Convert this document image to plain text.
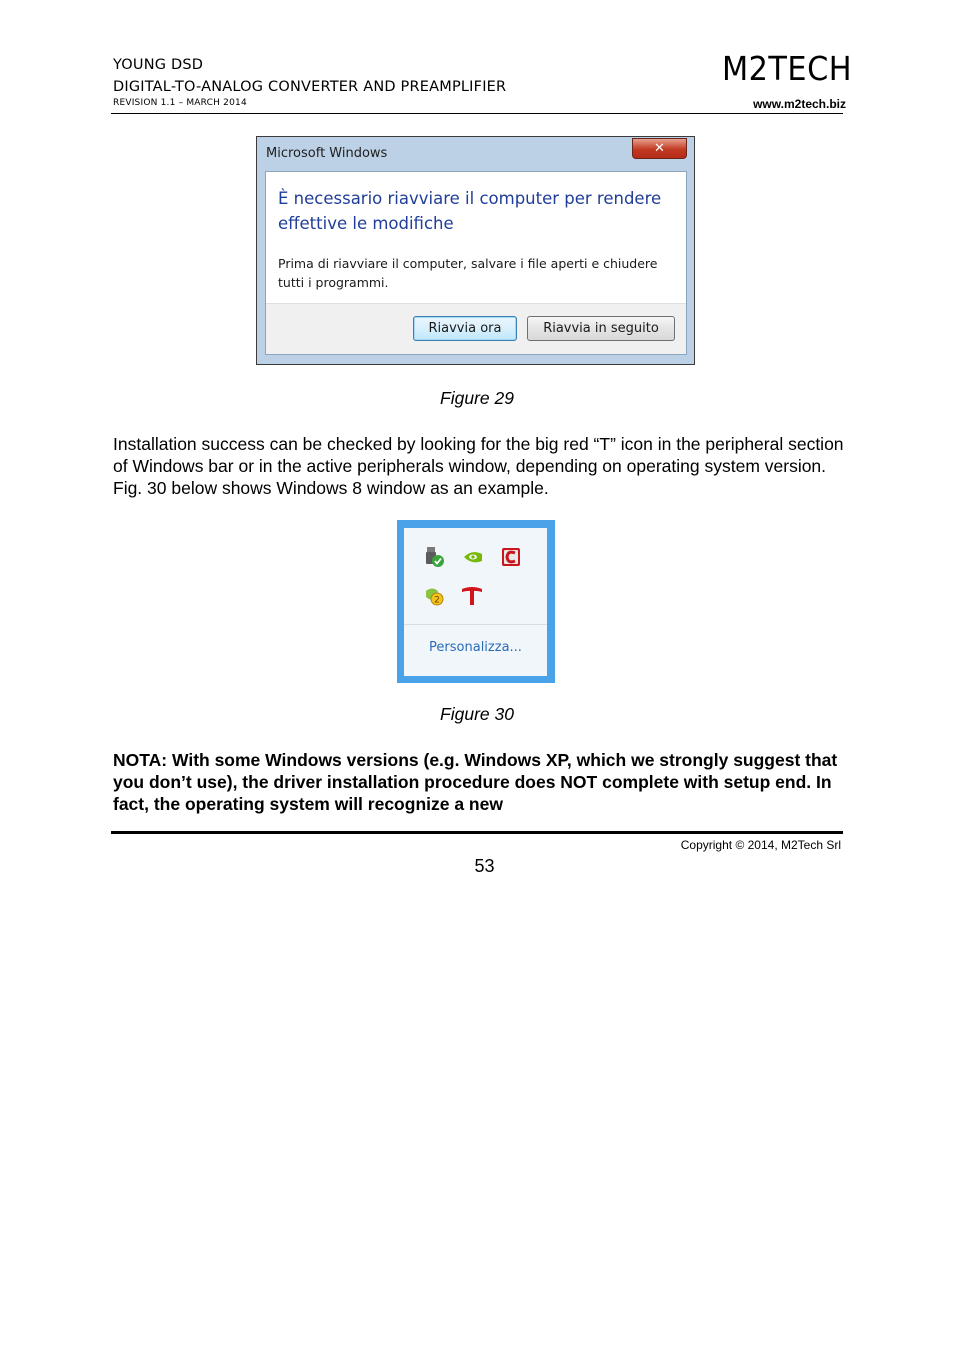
YOUNG DSD
DIGITAL-TO-ANALOG CONVERTER AND PREAMPLIFIER
REVISION 1.1 – MARCH 2014
M2TECH
www.m2tech.biz
Microsoft Windows	✕
È necessario riavviare il computer per rendere effettive le modifiche
Prima di riavviare il computer, salvare i file aperti e chiudere tutti i programmi.
Riavvia ora	Riavvia in seguito
Figure 29
Installation success can be checked by looking for the big red “T” icon in the peripheral section of Windows bar or in the active peripherals window, depending on operating system version. Fig. 30 below shows Windows 8 window as an example.
2
Personalizza...
Figure 30
NOTA: With some Windows versions (e.g. Windows XP, which we strongly suggest that you don’t use), the driver installation procedure does NOT complete with setup end. In fact, the operating system will recognize a new
Copyright © 2014, M2Tech Srl
53
